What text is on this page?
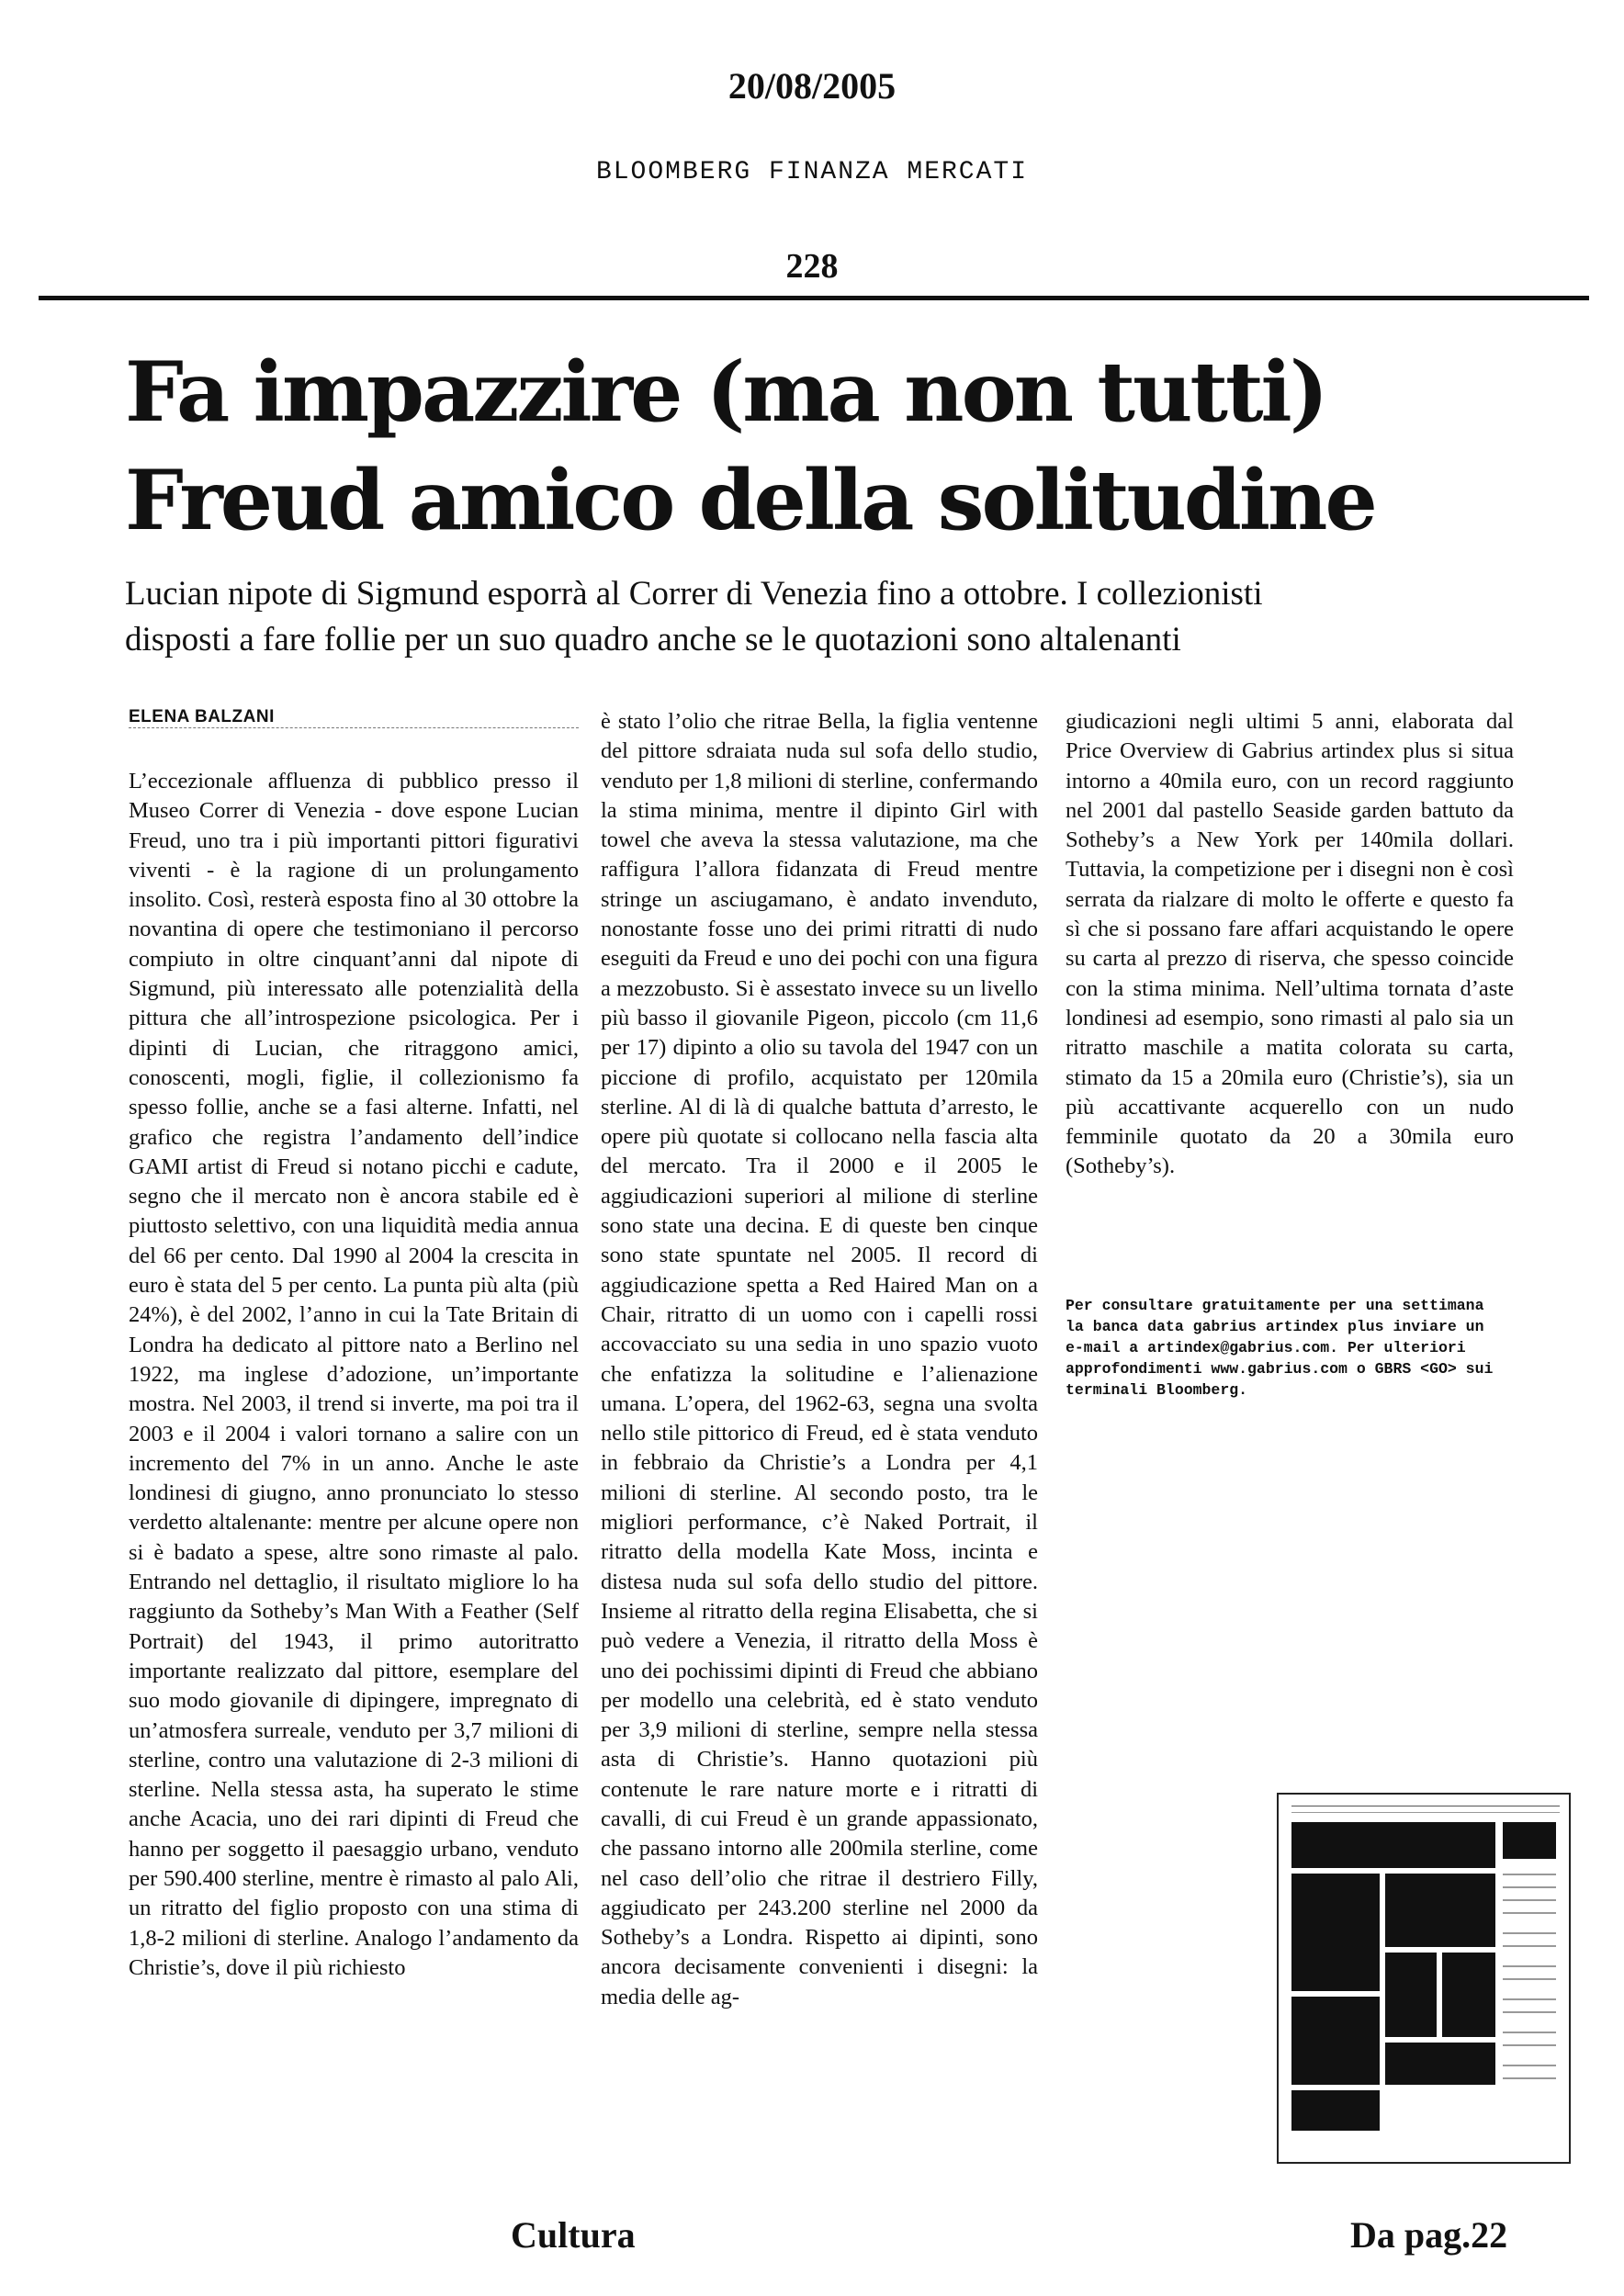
20/08/2005
BLOOMBERG FINANZA MERCATI
228
Fa impazzire (ma non tutti)
Freud amico della solitudine
Lucian nipote di Sigmund esporrà al Correr di Venezia fino a ottobre. I collezionisti
disposti a fare follie per un suo quadro anche se le quotazioni sono altalenanti
ELENA BALZANI

L’eccezionale affluenza di pubblico presso il Museo Correr di Venezia - dove espone Lucian Freud, uno tra i più importanti pittori figurativi viventi - è la ragione di un prolungamento insolito. Così, resterà esposta fino al 30 ottobre la novantina di opere che testimoniano il percorso compiuto in oltre cinquant’anni dal nipote di Sigmund, più interessato alle potenzialità della pittura che all’introspezione psicologica. Per i dipinti di Lucian, che ritraggono amici, conoscenti, mogli, figlie, il collezionismo fa spesso follie, anche se a fasi alterne. Infatti, nel grafico che registra l’andamento dell’indice GAMI artist di Freud si notano picchi e cadute, segno che il mercato non è ancora stabile ed è piuttosto selettivo, con una liquidità media annua del 66 per cento. Dal 1990 al 2004 la crescita in euro è stata del 5 per cento. La punta più alta (più 24%), è del 2002, l’anno in cui la Tate Britain di Londra ha dedicato al pittore nato a Berlino nel 1922, ma inglese d’adozione, un’importante mostra. Nel 2003, il trend si inverte, ma poi tra il 2003 e il 2004 i valori tornano a salire con un incremento del 7% in un anno. Anche le aste londinesi di giugno, anno pronunciato lo stesso verdetto altalenante: mentre per alcune opere non si è badato a spese, altre sono rimaste al palo. Entrando nel dettaglio, il risultato migliore lo ha raggiunto da Sotheby’s Man With a Feather (Self Portrait) del 1943, il primo autoritratto importante realizzato dal pittore, esemplare del suo modo giovanile di dipingere, impregnato di un’atmosfera surreale, venduto per 3,7 milioni di sterline, contro una valutazione di 2-3 milioni di sterline. Nella stessa asta, ha superato le stime anche Acacia, uno dei rari dipinti di Freud che hanno per soggetto il paesaggio urbano, venduto per 590.400 sterline, mentre è rimasto al palo Ali, un ritratto del figlio proposto con una stima di 1,8-2 milioni di sterline. Analogo l’andamento da Christie’s, dove il più richiesto

è stato l’olio che ritrae Bella, la figlia ventenne del pittore sdraiata nuda sul sofa dello studio, venduto per 1,8 milioni di sterline, confermando la stima minima, mentre il dipinto Girl with towel che aveva la stessa valutazione, ma che raffigura l’allora fidanzata di Freud mentre stringe un asciugamano, è andato invenduto, nonostante fosse uno dei primi ritratti di nudo eseguiti da Freud e uno dei pochi con una figura a mezzobusto. Si è assestato invece su un livello più basso il giovanile Pigeon, piccolo (cm 11,6 per 17) dipinto a olio su tavola del 1947 con un piccione di profilo, acquistato per 120mila sterline. Al di là di qualche battuta d’arresto, le opere più quotate si collocano nella fascia alta del mercato. Tra il 2000 e il 2005 le aggiudicazioni superiori al milione di sterline sono state una decina. E di queste ben cinque sono state spuntate nel 2005. Il record di aggiudicazione spetta a Red Haired Man on a Chair, ritratto di un uomo con i capelli rossi accovacciato su una sedia in uno spazio vuoto che enfatizza la solitudine e l’alienazione umana. L’opera, del 1962-63, segna una svolta nello stile pittorico di Freud, ed è stata venduto in febbraio da Christie’s a Londra per 4,1 milioni di sterline. Al secondo posto, tra le migliori performance, c’è Naked Portrait, il ritratto della modella Kate Moss, incinta e distesa nuda sul sofa dello studio del pittore. Insieme al ritratto della regina Elisabetta, che si può vedere a Venezia, il ritratto della Moss è uno dei pochissimi dipinti di Freud che abbiano per modello una celebrità, ed è stato venduto per 3,9 milioni di sterline, sempre nella stessa asta di Christie’s. Hanno quotazioni più contenute le rare nature morte e i ritratti di cavalli, di cui Freud è un grande appassionato, che passano intorno alle 200mila sterline, come nel caso dell’olio che ritrae il destriero Filly, aggiudicato per 243.200 sterline nel 2000 da Sotheby’s a Londra. Rispetto ai dipinti, sono ancora decisamente convenienti i disegni: la media delle ag-

giudicazioni negli ultimi 5 anni, elaborata dal Price Overview di Gabrius artindex plus si situa intorno a 40mila euro, con un record raggiunto nel 2001 dal pastello Seaside garden battuto da Sotheby’s a New York per 140mila dollari. Tuttavia, la competizione per i disegni non è così serrata da rialzare di molto le offerte e questo fa sì che si possano fare affari acquistando le opere su carta al prezzo di riserva, che spesso coincide con la stima minima. Nell’ultima tornata d’aste londinesi ad esempio, sono rimasti al palo sia un ritratto maschile a matita colorata su carta, stimato da 15 a 20mila euro (Christie’s), sia un più accattivante acquerello con un nudo femminile quotato da 20 a 30mila euro (Sotheby’s).

Per consultare gratuitamente per una settimana la banca data gabrius artindex plus inviare un e-mail a artindex@gabrius.com. Per ulteriori approfondimenti www.gabrius.com o GBRS <GO> sui terminali Bloomberg.

Cultura	Da pag.22
